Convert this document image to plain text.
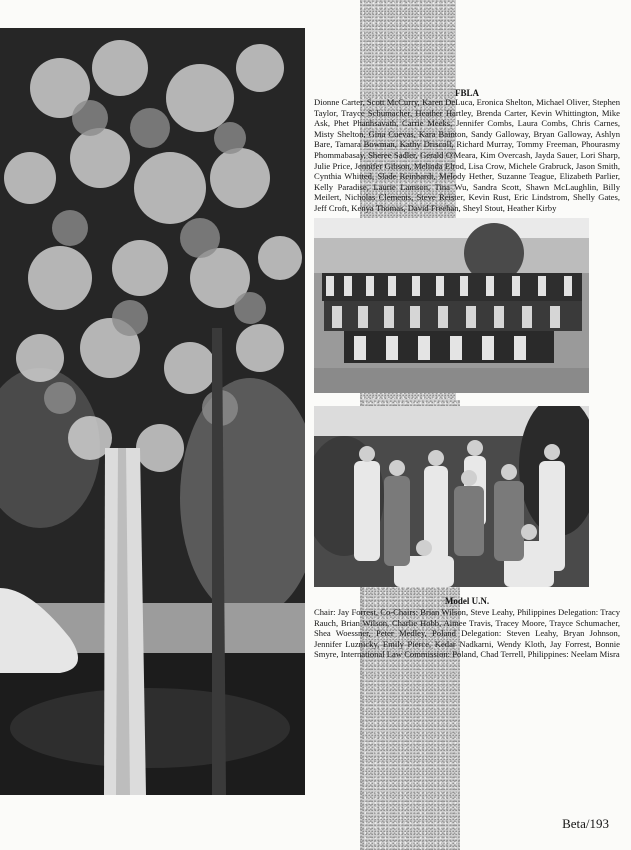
FBLA
Dionne Carter, Scott McCurry, Karen DeLuca, Eronica Shelton, Michael Oliver, Stephen Taylor, Trayce Schumacher, Heather Hartley, Brenda Carter, Kevin Whittington, Mike Ask, Phet Phanhsavath, Carrie Meeks, Jennifer Combs, Laura Combs, Chris Carnes, Misty Shelton, Gina Cuevas, Kara Bainton, Sandy Galloway, Bryan Galloway, Ashlyn Bare, Tamara Bowman, Kathy Driscoll, Richard Murray, Tommy Freeman, Phourasmy Phommabasay, Sheree Sadler, Gerald O'Meara, Kim Overcash, Jayda Sauer, Lori Sharp, Julie Price, Jennifer Gibson, Melinda Elrod, Lisa Crow, Michele Grabruck, Jason Smith, Cynthia Whitted, Slade Reinhardt, Melody Hether, Suzanne Teague, Elizabeth Parlier, Kelly Paradise, Laurie Lamson, Tina Wu, Sandra Scott, Shawn McLaughlin, Billy Meilert, Nicholas Clements, Steve Reister, Kevin Rust, Eric Lindstrom, Shelly Gates, Jeff Croft, Kenya Thomas, David Freehan, Sheyl Stout, Heather Kirby
Model U.N.
Chair: Jay Forrest, Co-Chairs: Brian Wilson, Steve Leahy, Philippines Delegation: Tracy Rauch, Brian Wilson, Charlie Hobb, Aimee Travis, Tracey Moore, Trayce Schumacher, Shea Woessner, Peter Medley, Poland Delegation: Steven Leahy, Bryan Johnson, Jennifer Luznicky, Emily Pierce, Kedar Nadkarni, Wendy Kloth, Jay Forrest, Bonnie Smyre, International Law Commission: Poland, Chad Terrell, Philippines: Neelam Misra
Beta/193
